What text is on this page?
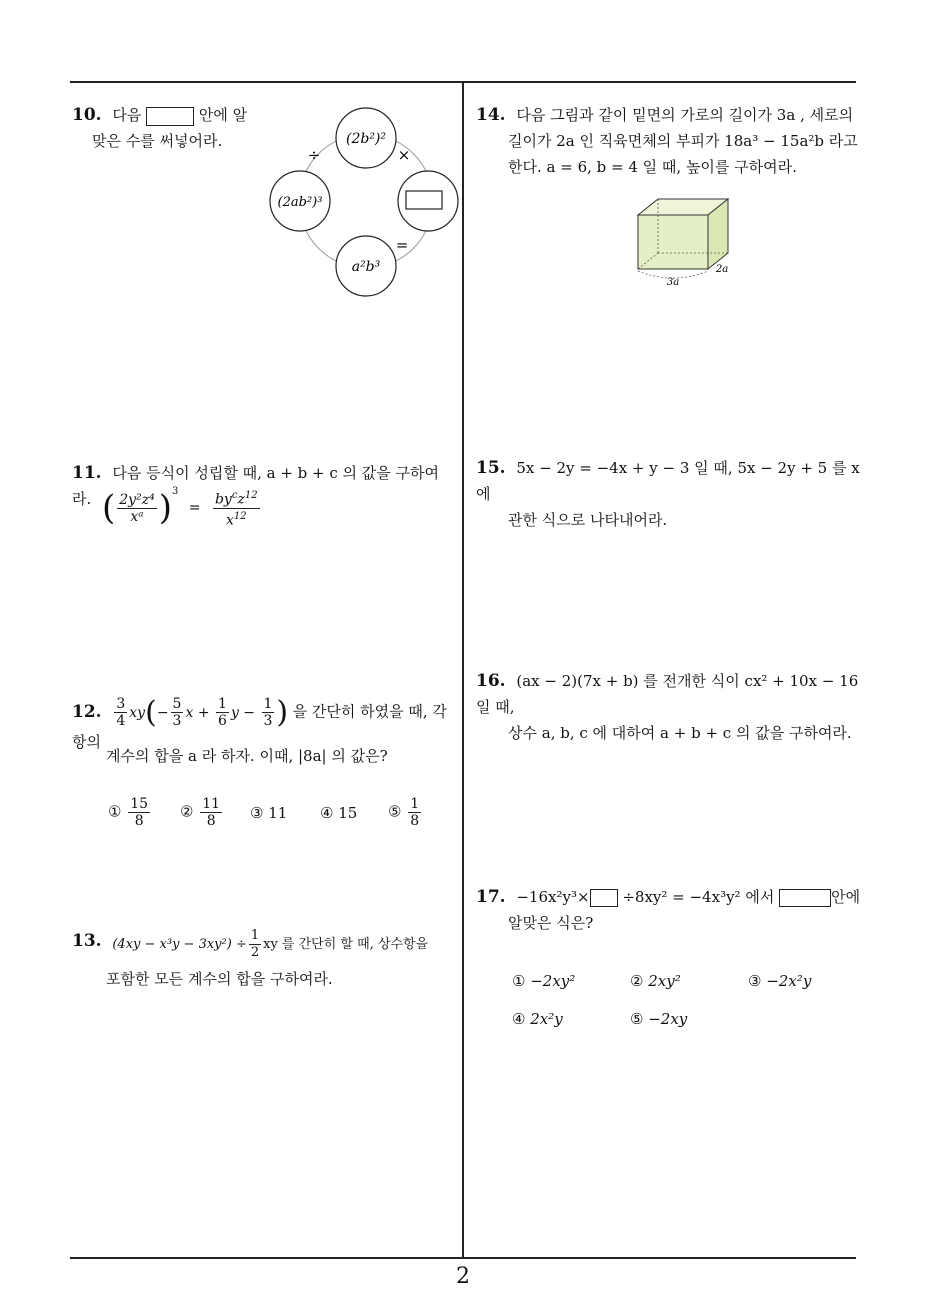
10. 다음	안에 알
맞은 수를 써넣어라.	(2b²)²
(2ab²)³
a²b³
÷	×
=
11. 다음 등식이 성립할 때, a + b + c 의 값을 구하여라. ( $\frac{\text{2y²z⁴}}{\text{xᵃ}} )^3 = \frac{by^cz^{12}}{x^{12}}$
12. $\frac{3}{4} xy(- \frac{5}{3}$ $x + \frac{1}{6}$ $y - \frac{1}{3}$ ) 을 간단히 하였을 때, 각 항의
계수의 합을 a 라 하자. 이때, |8a| 의 값은?
① $\frac{15}{8}$ ② $\frac{11}{8}$ ③ 11 ④ 15 ⑤ $\frac{1}{8}$
13. $(4xy - x^3y - 3xy^2) \div \frac{1}{2}$ xy 를 간단히 할 때, 상수항을
포함한 모든 계수의 합을 구하여라.
14. 다음 그림과 같이 밑면의 가로의 길이가 3a , 세로의
길이가 2a 인 직육면체의 부피가 18a³ − 15a²b 라고
한다. a = 6, b = 4 일 때, 높이를 구하여라.
3a
2a
15. 5x − 2y = −4x + y − 3 일 때, 5x − 2y + 5 를 x 에
관한 식으로 나타내어라.
16. (ax − 2)(7x + b) 를 전개한 식이 cx² + 10x − 16 일 때,
상수 a, b, c 에 대하여 a + b + c 의 값을 구하여라.
17. −16x²y³× ÷8xy² = −4x³y² 에서	안에
알맞은 식은?
① −2xy²	② 2xy²	③ −2x²y
④ 2x²y	⑤ −2xy
2
